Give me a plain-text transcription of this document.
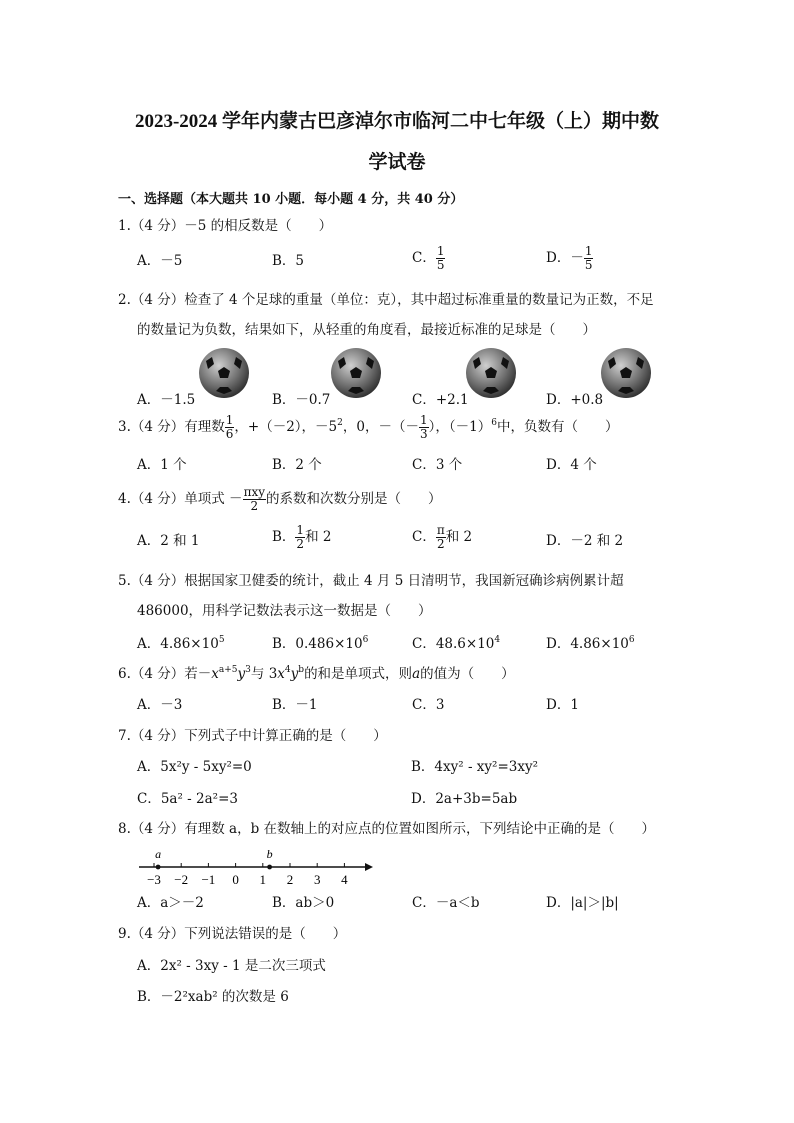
2023-2024 学年内蒙古巴彦淖尔市临河二中七年级（上）期中数
学试卷
一、选择题（本大题共 10 小题．每小题 4 分，共 40 分）
1.（4 分）－5 的相反数是（　　）
A．－5	B．5	C． $\frac{1}{5}$	D．－ $\frac{1}{5}$
2.（4 分）检查了 4 个足球的重量（单位：克），其中超过标准重量的数量记为正数，不足
的数量记为负数，结果如下，从轻重的角度看，最接近标准的足球是（　　）
A．－1.5	B．－0.7	C．+2.1	D．+0.8
3.（4 分）有理数 $\frac{1}{6}$ ，+（－2），$-5^2$，0，－（－ $\frac{1}{3}$ ），$(-1)^6$中，负数有（　　）
A．1 个	B．2 个	C．3 个	D．4 个
4.（4 分）单项式 － $\frac{\text{πxy}}{2}$ 的系数和次数分别是（　　）
A．2 和 1	B． $\frac{1}{2}$ 和 2	C． $\frac{\pi}{2}$ 和 2	D．－2 和 2
5.（4 分）根据国家卫健委的统计，截止 4 月 5 日清明节，我国新冠确诊病例累计超
486000，用科学记数法表示这一数据是（　　）
A．$4.86\times 10^5$	B．$0.486\times 10^6$	C．$48.6\times 10^4$	D．$4.86\times 10^6$
6.（4 分）若$-x^{a+5}y^3$与 $3x^4y^b$的和是单项式，则a的值为（　　）
A．－3	B．－1	C．3	D．1
7.（4 分）下列式子中计算正确的是（　　）
A．5x²y - 5xy²=0	B．4xy² - xy²=3xy²
C．5a² - 2a²=3	D．2a+3b=5ab
8.（4 分）有理数 a，b 在数轴上的对应点的位置如图所示，下列结论中正确的是（　　）
−3 −2 −1 0 1 2 3 4
a	b
A．a＞－2	B．ab＞0	C．－a＜b	D．|a|＞|b|
9.（4 分）下列说法错误的是（　　）
A．2x² - 3xy - 1 是二次三项式
B．－2²xab² 的次数是 6
